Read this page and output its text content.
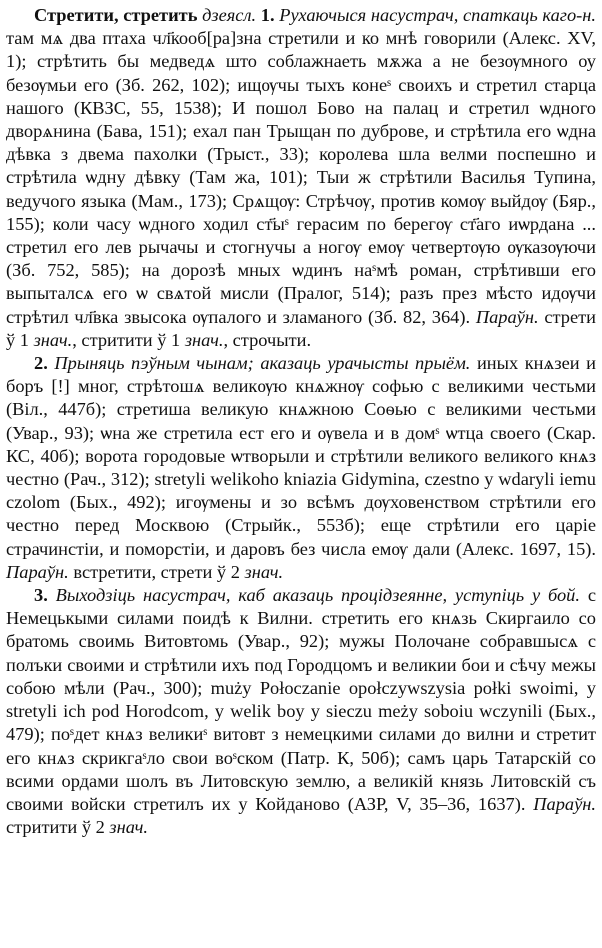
Стретити, стретить дзеясл. 1. Рухаючыся насустрач, спаткаць каго-н. там мѧ два птаха чл҃кооб[ра]зна стретили и ко мнѣ говорили (Алекс. XV, 1); стрѣтить бы медведѧ што соблажнаеть мѫжа а не безѹмного оу безѹмьи его (Зб. 262, 102); ищѹчы тыхъ конеˢ своихъ и стретил старца нашого (КВЗС, 55, 1538); И пошол Бово на палац и стретил ѡдного дворѧнина (Бава, 151); ехал пан Трыщан по дуброве, и стрѣтила его ѡдна дѣвка з двема пахолки (Трыст., 33); королева шла велми поспешно и стрѣтила ѡдну дѣвку (Там жа, 101); Тыи ж стрѣтили Василья Тупина, ведучого языка (Мам., 173); Срѧщѹ: Стрѣчѹ, против комѹ выйдѹ (Бяр., 155); коли часу ѡдного ходил ст҃ыˢ герасим по берегѹ ст҃аго иѡрдана ... стретил его лев рычачы и стогнучы а ногѹ емѹ четвертѹю ѹказѹючи (Зб. 752, 585); на дорозѣ мных ѡдинъ наˢмѣ роман, стрѣтивши его выпыталсѧ его ѡ свѧтой мисли (Пралог, 514); разъ през мѣсто идѹчи стрѣтил чл҃вка звысока ѹпалого и зламаного (Зб. 82, 364). Параўн. стрети ў 1 знач., стритити ў 1 знач., строчыти.

2. Прыняць пэўным чынам; аказаць урачысты прыём. иных кнѧзеи и боръ [!] мног, стрѣтошѧ великѹю кнѧжнѹ софью с великими честьми (Віл., 447б); стретиша великую кнѧжною Соѳью с великими честьми (Увар., 93); ѡна же стретила ест его и ѹвела и в домˢ ѡтца своего (Скар. КС, 40б); ворота городовые ѡтворыли и стрѣтили великого великого кнѧз честно (Рач., 312); stretyli welikoho kniazia Gidymina, czestno y wdaryli iemu czolom (Бых., 492); игѹмены и зо всѣмъ дѹховенством стрѣтили его честно перед Москвою (Стрыйк., 553б); еще стрѣтили его царіе страчинстіи, и поморстіи, и даровъ без числа емѹ дали (Алекс. 1697, 15). Параўн. встретити, стрети ў 2 знач.

3. Выходзіць насустрач, каб аказаць процідзеянне, уступіць у бой. с Немецькыми силами поидѣ к Вилни. стретить его кнѧзь Скиргаило со братомь своимь Витовтомь (Увар., 92); мужы Полочане собравшысѧ с полъки своими и стрѣтили ихъ под Городцомъ и великии бои и сѣчу межы собою мѣли (Рач., 300); muży Połoczanie opołczywszysia połki swoimi, y stretyli ich pod Horodcom, y welik boy y sieczu meży soboiu wczynili (Бых., 479); поˢдет кнѧз великиˢ витовт з немецкими силами до вилни и стретит его кнѧз скрикгаˢло свои воˢском (Патр. К, 50б); самъ царь Татарскій со всими ордами шолъ въ Литовскую землю, а великій князь Литовскій съ своими войски стретилъ их у Койданово (АЗР, V, 35–36, 1637). Параўн. стритити ў 2 знач.
